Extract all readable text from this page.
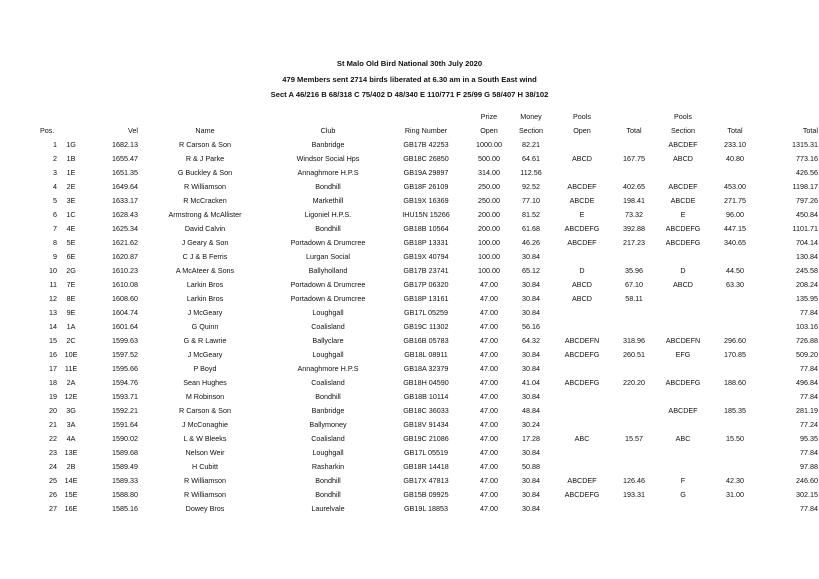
St Malo Old Bird National 30th July 2020
479 Members sent 2714 birds liberated at 6.30 am in a South East wind
Sect A 46/216 B 68/318 C 75/402 D 48/340 E 110/771 F 25/99 G 58/407 H 38/102
						Prize	Money	Pools		Pools		
Pos.		Vel	Name	Club	Ring Number	Open	Section	Open	Total	Section	Total	Total
1	1G	1682.13	R Carson & Son	Banbridge	GB17B 42253	1000.00	82.21			ABCDEF	233.10	1315.31
2	1B	1655.47	R & J Parke	Windsor Social Hps	GB18C 26850	500.00	64.61	ABCD	167.75	ABCD	40.80	773.16
3	1E	1651.35	G Buckley & Son	Annaghmore H.P.S	GB19A 29897	314.00	112.56					426.56
4	2E	1649.64	R Williamson	Bondhill	GB18F 26109	250.00	92.52	ABCDEF	402.65	ABCDEF	453.00	1198.17
5	3E	1633.17	R McCracken	Markethill	GB19X 16369	250.00	77.10	ABCDE	198.41	ABCDE	271.75	797.26
6	1C	1628.43	Armstrong & McAllister	Ligoniel H.P.S.	IHU15N 15266	200.00	81.52	E	73.32	E	96.00	450.84
7	4E	1625.34	David Calvin	Bondhill	GB18B 10564	200.00	61.68	ABCDEFG	392.88	ABCDEFG	447.15	1101.71
8	5E	1621.62	J Geary & Son	Portadown & Drumcree	GB18P 13331	100.00	46.26	ABCDEF	217.23	ABCDEFG	340.65	704.14
9	6E	1620.87	C J & B Ferris	Lurgan Social	GB19X 40794	100.00	30.84					130.84
10	2G	1610.23	A McAteer & Sons	Ballyholland	GB17B 23741	100.00	65.12	D	35.96	D	44.50	245.58
11	7E	1610.08	Larkin Bros	Portadown & Drumcree	GB17P 06320	47.00	30.84	ABCD	67.10	ABCD	63.30	208.24
12	8E	1608.60	Larkin Bros	Portadown & Drumcree	GB18P 13161	47.00	30.84	ABCD	58.11			135.95
13	9E	1604.74	J McGeary	Loughgall	GB17L 05259	47.00	30.84					77.84
14	1A	1601.64	G Quinn	Coalisland	GB19C 11302	47.00	56.16					103.16
15	2C	1599.63	G & R Lawrie	Ballyclare	GB16B 05783	47.00	64.32	ABCDEFN	318.96	ABCDEFN	296.60	726.88
16	10E	1597.52	J McGeary	Loughgall	GB18L 08911	47.00	30.84	ABCDEFG	260.51	EFG	170.85	509.20
17	11E	1595.66	P Boyd	Annaghmore H.P.S	GB18A 32379	47.00	30.84					77.84
18	2A	1594.76	Sean Hughes	Coalisland	GB18H 04590	47.00	41.04	ABCDEFG	220.20	ABCDEFG	188.60	496.84
19	12E	1593.71	M Robinson	Bondhill	GB18B 10114	47.00	30.84					77.84
20	3G	1592.21	R Carson & Son	Banbridge	GB18C 36033	47.00	48.84			ABCDEF	185.35	281.19
21	3A	1591.64	J McConaghie	Ballymoney	GB18V 91434	47.00	30.24					77.24
22	4A	1590.02	L & W Bleeks	Coalisland	GB19C 21086	47.00	17.28	ABC	15.57	ABC	15.50	95.35
23	13E	1589.68	Nelson Weir	Loughgall	GB17L 05519	47.00	30.84					77.84
24	2B	1589.49	H Cubitt	Rasharkin	GB18R 14418	47.00	50.88					97.88
25	14E	1589.33	R Williamson	Bondhill	GB17X 47813	47.00	30.84	ABCDEF	126.46	F	42.30	246.60
26	15E	1588.80	R Williamson	Bondhill	GB15B 09925	47.00	30.84	ABCDEFG	193.31	G	31.00	302.15
27	16E	1585.16	Dowey Bros	Laurelvale	GB19L 18853	47.00	30.84					77.84
